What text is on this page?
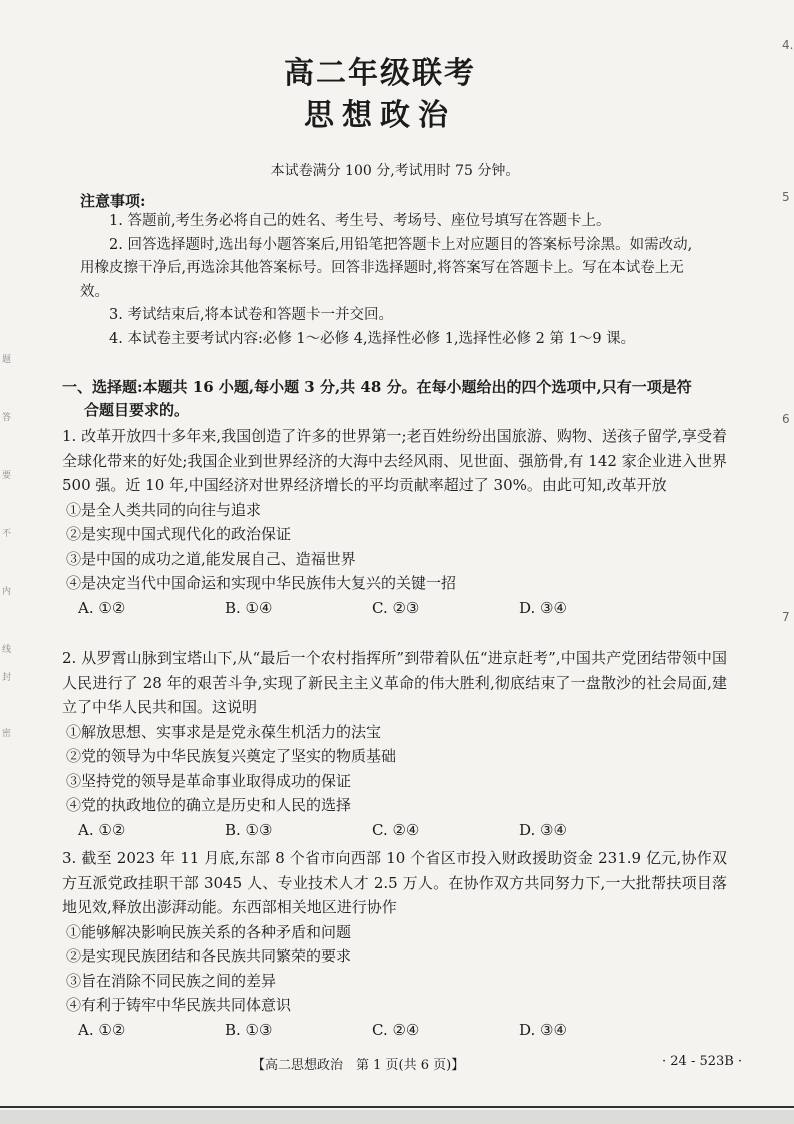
高二年级联考
思想政治
本试卷满分 100 分,考试用时 75 分钟。
注意事项:

1. 答题前,考生务必将自己的姓名、考生号、考场号、座位号填写在答题卡上。

2. 回答选择题时,选出每小题答案后,用铅笔把答题卡上对应题目的答案标号涂黑。如需改动,用橡皮擦干净后,再选涂其他答案标号。回答非选择题时,将答案写在答题卡上。写在本试卷上无效。

3. 考试结束后,将本试卷和答题卡一并交回。

4. 本试卷主要考试内容:必修 1～必修 4,选择性必修 1,选择性必修 2 第 1～9 课。

一、选择题:本题共 16 小题,每小题 3 分,共 48 分。在每小题给出的四个选项中,只有一项是符
合题目要求的。

1. 改革开放四十多年来,我国创造了许多的世界第一;老百姓纷纷出国旅游、购物、送孩子留学,享受着全球化带来的好处;我国企业到世界经济的大海中去经风雨、见世面、强筋骨,有 142 家企业进入世界 500 强。近 10 年,中国经济对世界经济增长的平均贡献率超过了 30%。由此可知,改革开放

①是全人类共同的向往与追求

②是实现中国式现代化的政治保证

③是中国的成功之道,能发展自己、造福世界

④是决定当代中国命运和实现中华民族伟大复兴的关键一招

A. ①②	B. ①④	C. ②③	D. ③④

2. 从罗霄山脉到宝塔山下,从“最后一个农村指挥所”到带着队伍“进京赶考”,中国共产党团结带领中国人民进行了 28 年的艰苦斗争,实现了新民主主义革命的伟大胜利,彻底结束了一盘散沙的社会局面,建立了中华人民共和国。这说明

①解放思想、实事求是是党永葆生机活力的法宝

②党的领导为中华民族复兴奠定了坚实的物质基础

③坚持党的领导是革命事业取得成功的保证

④党的执政地位的确立是历史和人民的选择

A. ①②	B. ①③	C. ②④	D. ③④

3. 截至 2023 年 11 月底,东部 8 个省市向西部 10 个省区市投入财政援助资金 231.9 亿元,协作双方互派党政挂职干部 3045 人、专业技术人才 2.5 万人。在协作双方共同努力下,一大批帮扶项目落地见效,释放出澎湃动能。东西部相关地区进行协作

①能够解决影响民族关系的各种矛盾和问题

②是实现民族团结和各民族共同繁荣的要求

③旨在消除不同民族之间的差异

④有利于铸牢中华民族共同体意识

A. ①②	B. ①③	C. ②④	D. ③④
【高二思想政治　第 1 页(共 6 页)】	· 24 - 523B ·
4.
5
6
7
题
答
要
不
内
线
封
密
